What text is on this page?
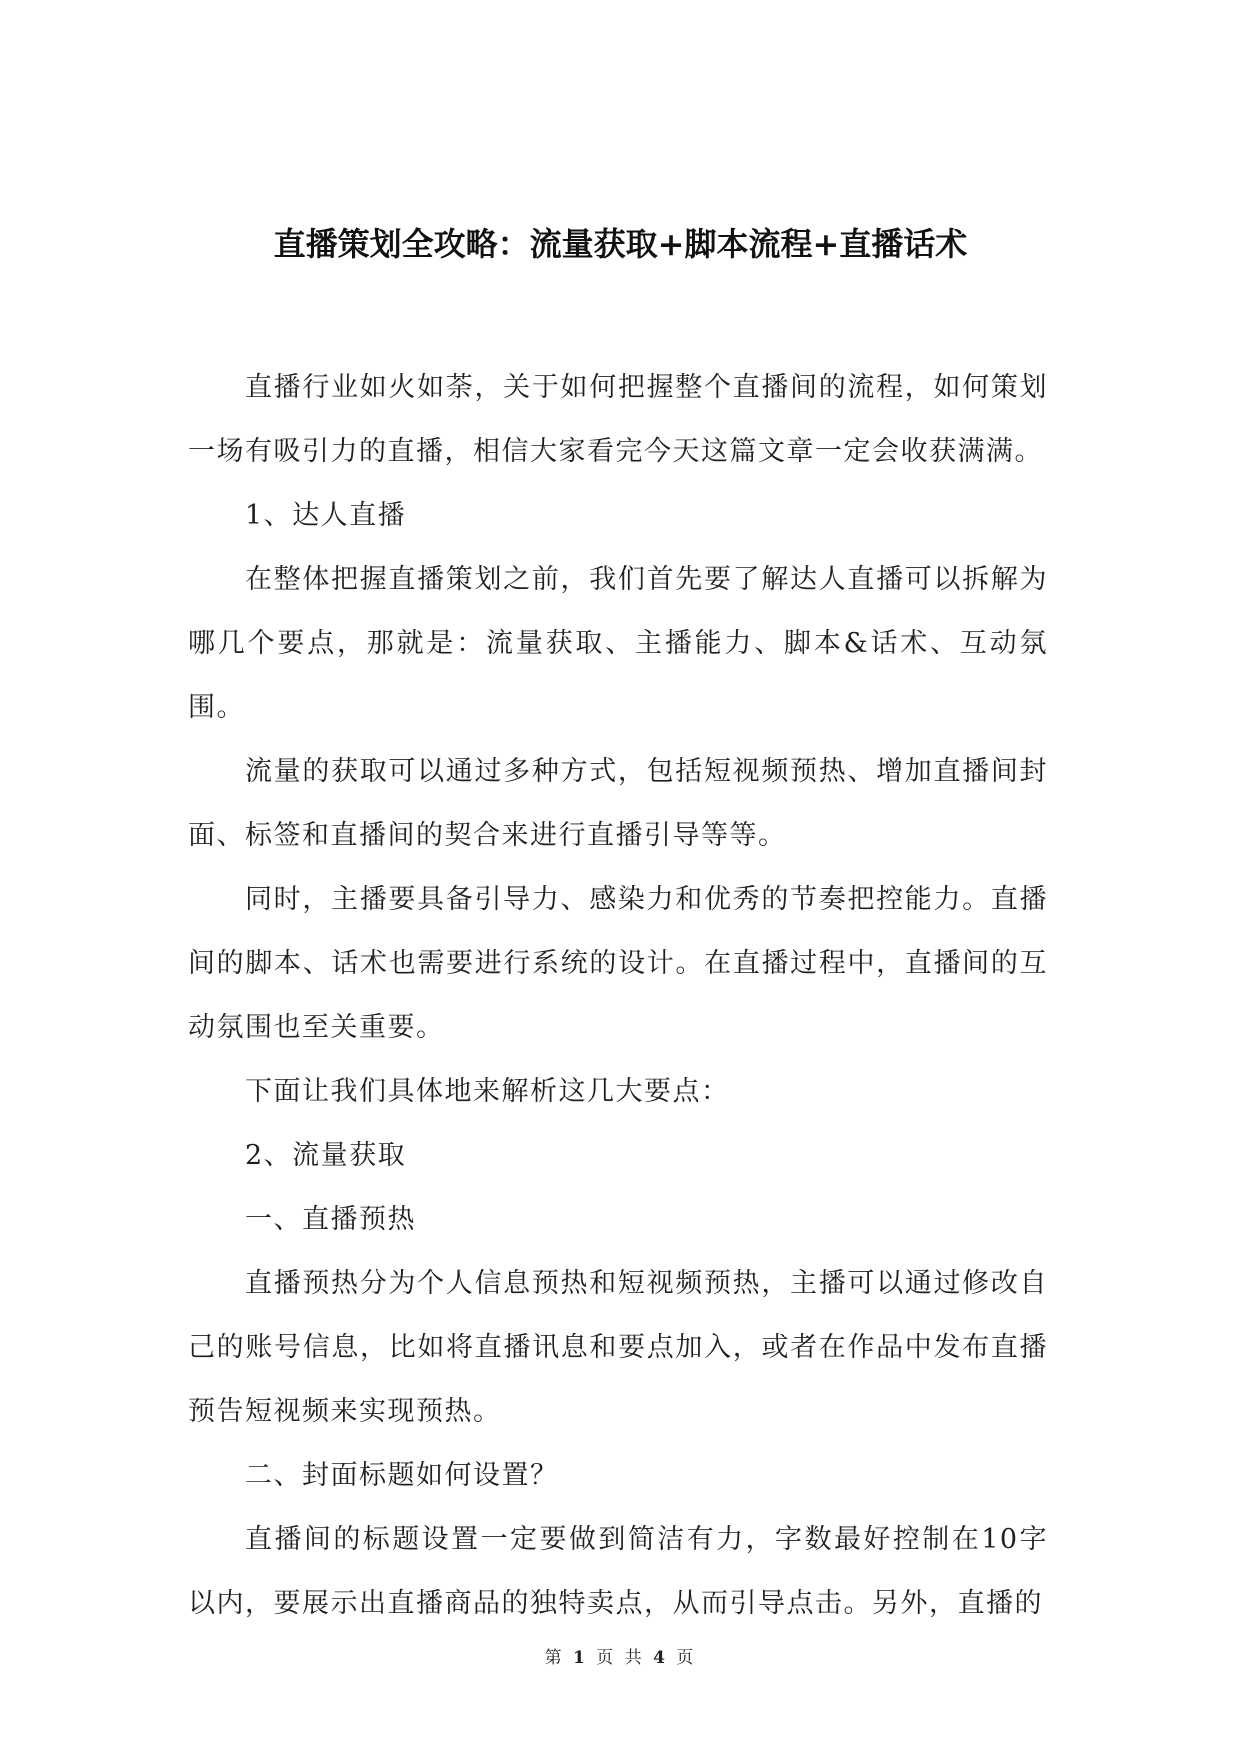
直播策划全攻略：流量获取+脚本流程+直播话术

直播行业如火如荼，关于如何把握整个直播间的流程，如何策划一场有吸引力的直播，相信大家看完今天这篇文章一定会收获满满。

1、达人直播

在整体把握直播策划之前，我们首先要了解达人直播可以拆解为哪几个要点，那就是：流量获取、主播能力、脚本&话术、互动氛围。

流量的获取可以通过多种方式，包括短视频预热、增加直播间封面、标签和直播间的契合来进行直播引导等等。

同时，主播要具备引导力、感染力和优秀的节奏把控能力。直播间的脚本、话术也需要进行系统的设计。在直播过程中，直播间的互动氛围也至关重要。

下面让我们具体地来解析这几大要点：

2、流量获取

一、直播预热

直播预热分为个人信息预热和短视频预热，主播可以通过修改自己的账号信息，比如将直播讯息和要点加入，或者在作品中发布直播预告短视频来实现预热。

二、封面标题如何设置？

直播间的标题设置一定要做到简洁有力，字数最好控制在10字以内，要展示出直播商品的独特卖点，从而引导点击。另外，直播的

第 1 页 共 4 页
